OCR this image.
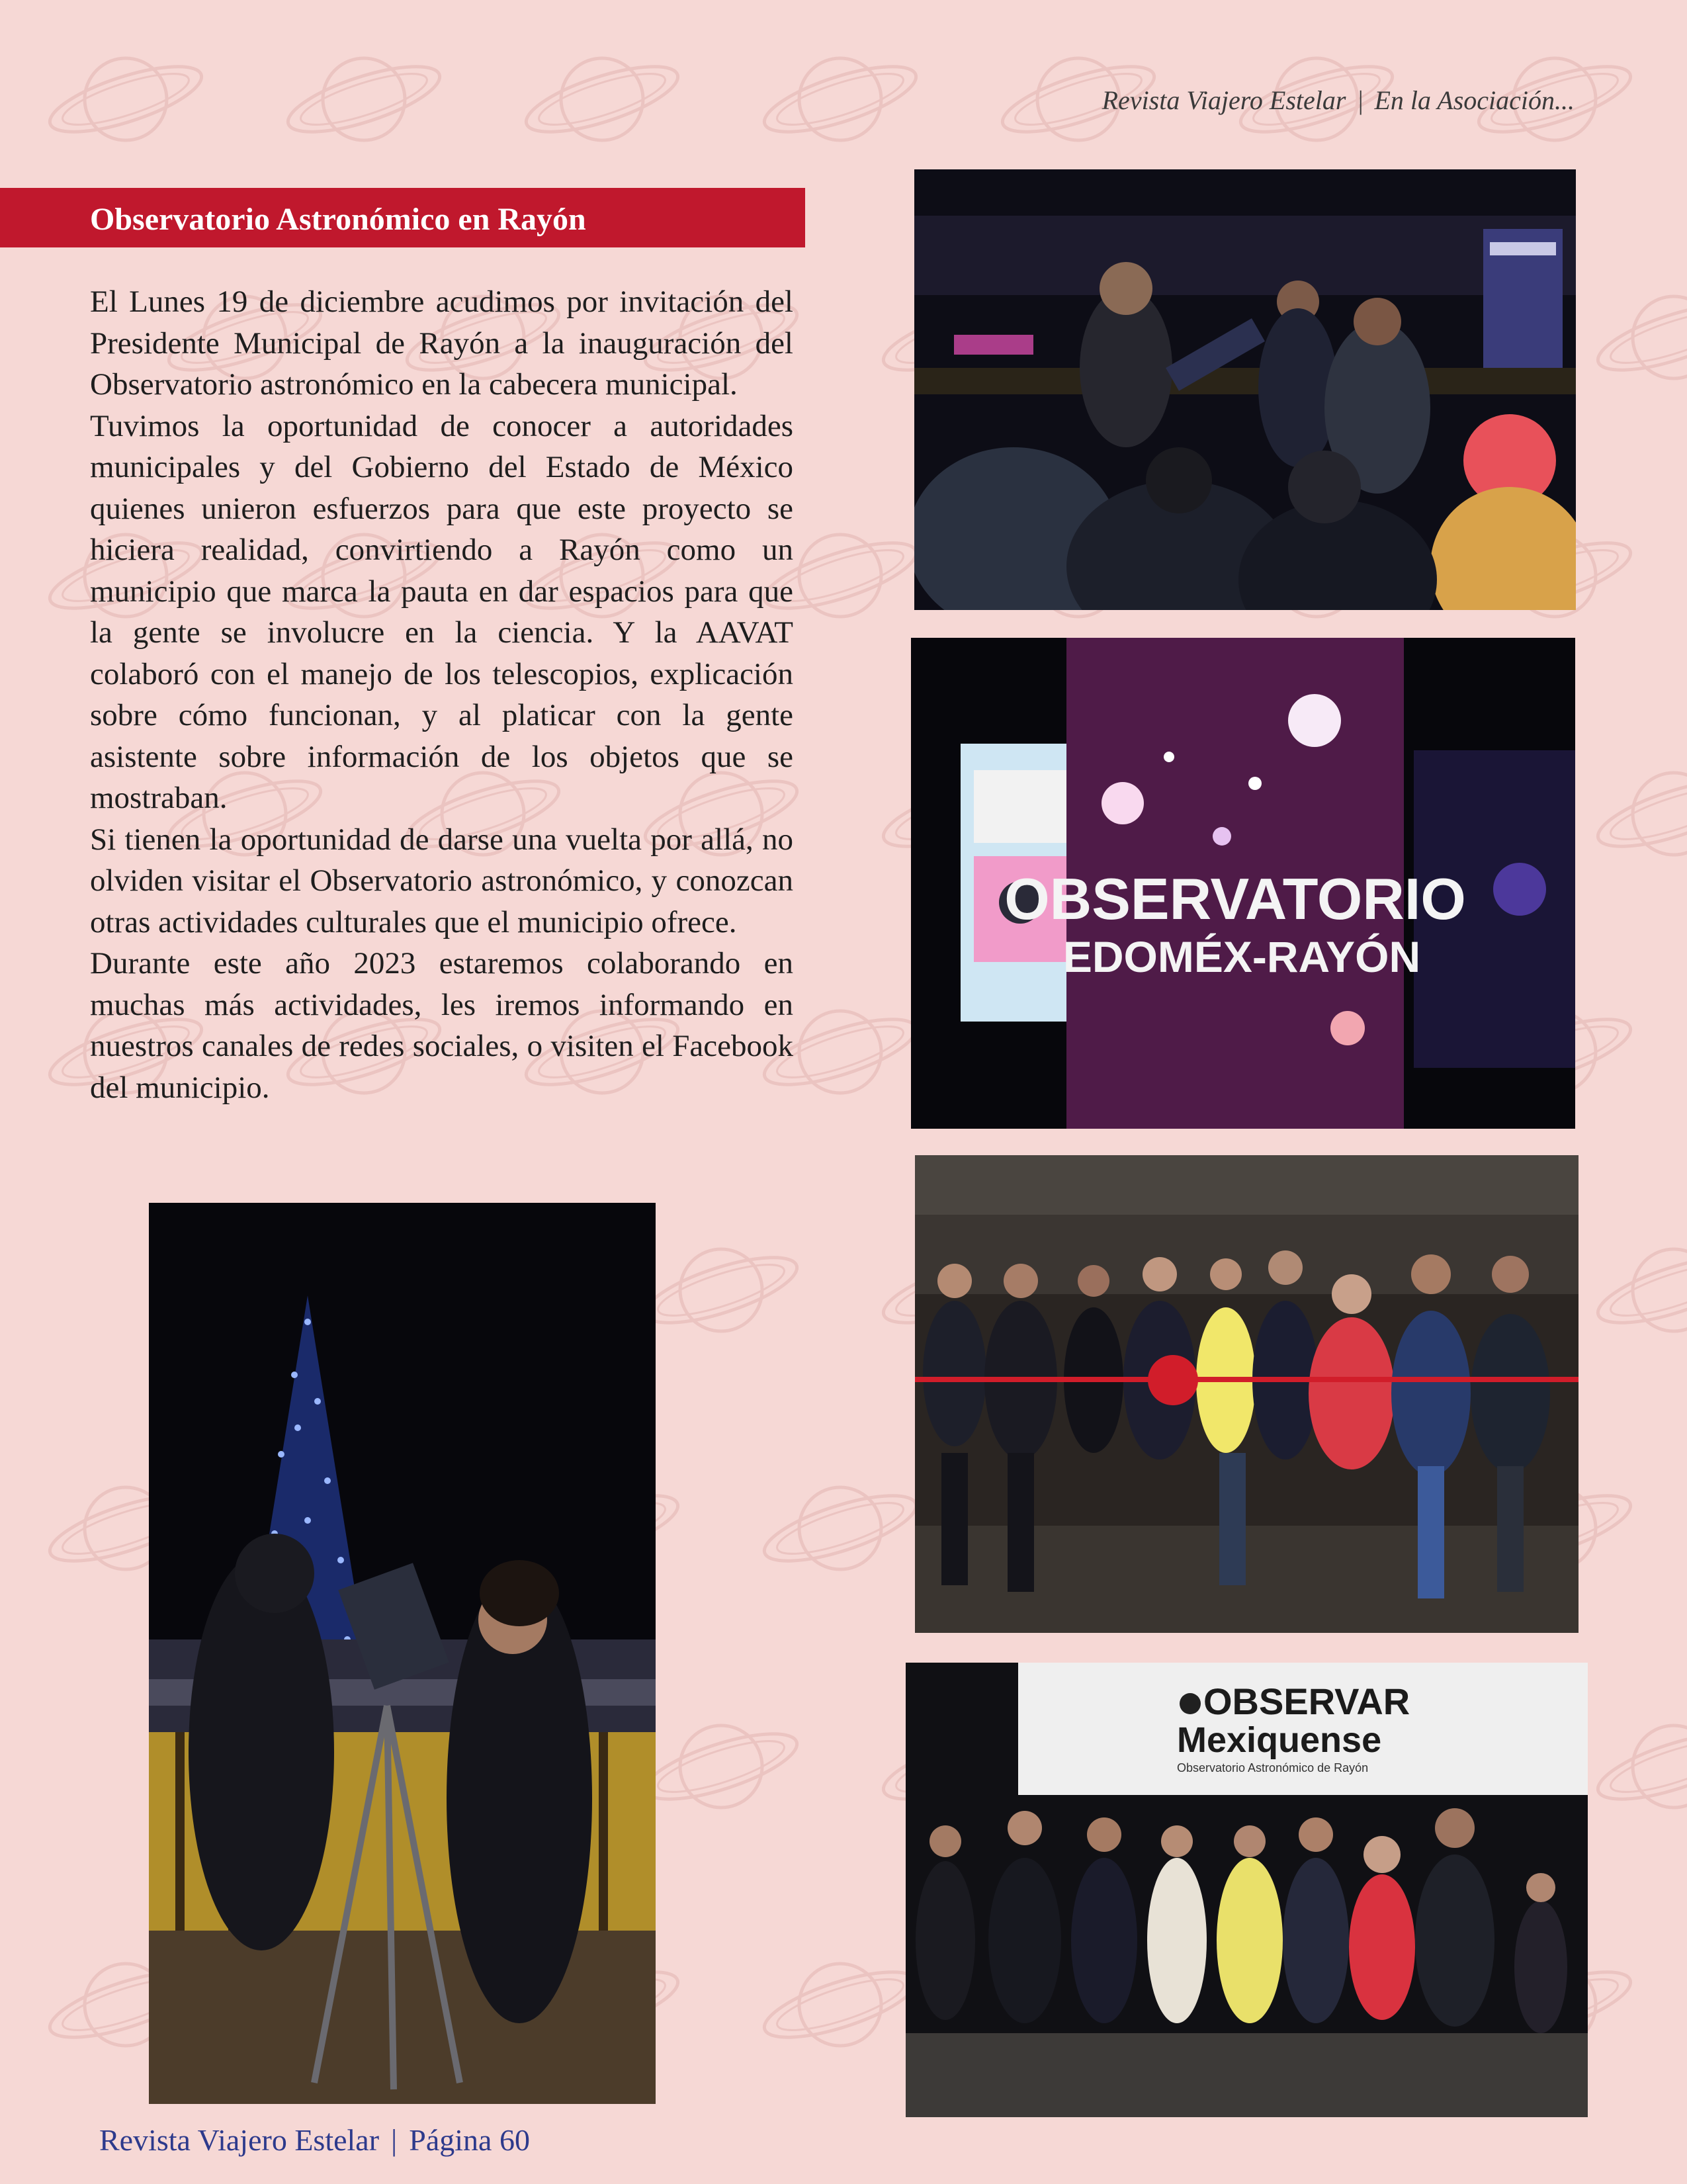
Revista Viajero Estelar | En la Asociación...
Observatorio Astronómico en Rayón

El Lunes 19 de diciembre acudimos por invitación del Presidente Municipal de Rayón a la inauguración del Observatorio astronómico en la cabecera municipal.

Tuvimos la oportunidad de conocer a autoridades municipales y del Gobierno del Estado de México quienes unieron esfuerzos para que este proyecto se hiciera realidad, convirtiendo a Rayón como un municipio que marca la pauta en dar espacios para que la gente se involucre en la ciencia. Y la AAVAT colaboró con el manejo de los telescopios, explicación sobre cómo funcionan, y al platicar con la gente asistente sobre información de los objetos que se mostraban.

Si tienen la oportunidad de darse una vuelta por allá, no olviden visitar el Observatorio astronómico, y conozcan otras actividades culturales que el municipio ofrece.

Durante este año 2023 estaremos colaborando en muchas más actividades, les iremos informando en nuestros canales de redes sociales, o visiten el Facebook del municipio.

OBSERVATORIO
EDOMÉX-RAYÓN
OBSERVAR
Mexiquense
Observatorio Astronómico de Rayón
Revista Viajero Estelar | Página 60
